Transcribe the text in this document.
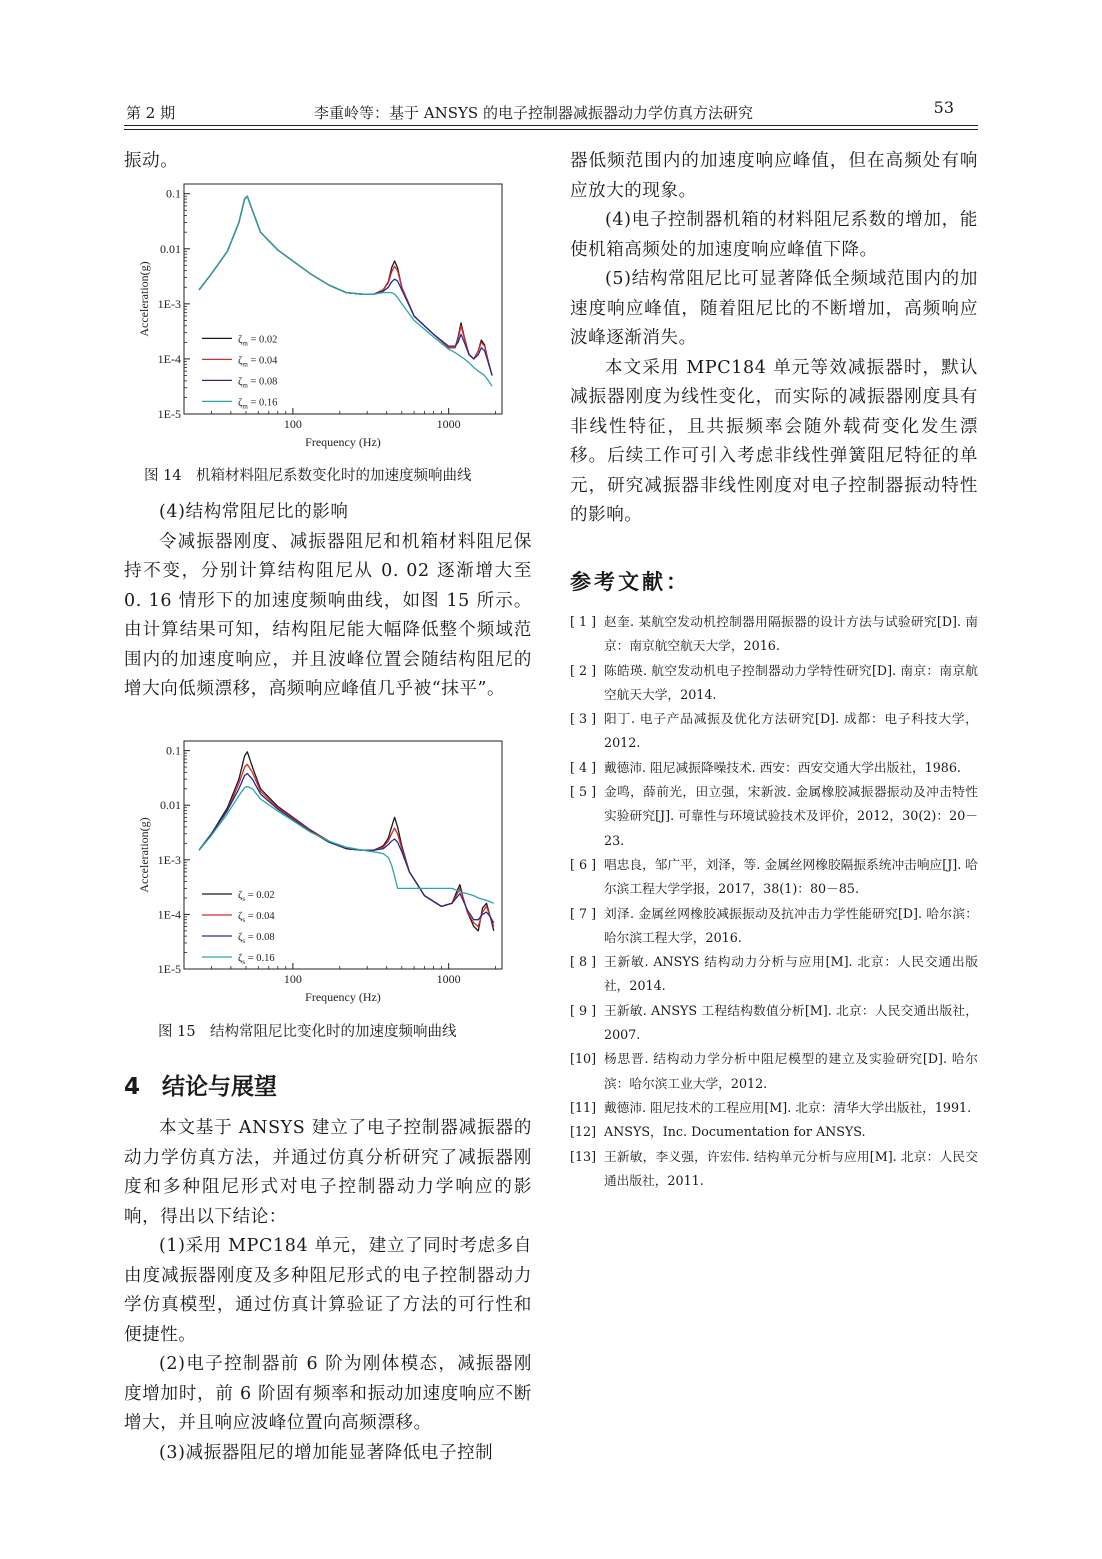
第 2 期	李重岭等：基于 ANSYS 的电子控制器减振器动力学仿真方法研究	53

振动。

100	1000
1E-5
1E-4
1E-3
0.01
0.1
Frequency (Hz)
Acceleration(g)
$\zeta_m = 0.02$
$\zeta_m = 0.04$
$\zeta_m = 0.08$
$\zeta_m = 0.16$
图 14　机箱材料阻尼系数变化时的加速度频响曲线

(4)结构常阻尼比的影响

令减振器刚度、减振器阻尼和机箱材料阻尼保持不变，分别计算结构阻尼从 0. 02 逐渐增大至 0. 16 情形下的加速度频响曲线，如图 15 所示。由计算结果可知，结构阻尼能大幅降低整个频域范围内的加速度响应，并且波峰位置会随结构阻尼的增大向低频漂移，高频响应峰值几乎被“抹平”。

100	1000
1E-5
1E-4
1E-3
0.01
0.1
Frequency (Hz)
Acceleration(g)
$\zeta_s = 0.02$
$\zeta_s = 0.04$
$\zeta_s = 0.08$
$\zeta_s = 0.16$
图 15　结构常阻尼比变化时的加速度频响曲线
4 结论与展望

本文基于 ANSYS 建立了电子控制器减振器的动力学仿真方法，并通过仿真分析研究了减振器刚度和多种阻尼形式对电子控制器动力学响应的影响，得出以下结论：

(1)采用 MPC184 单元，建立了同时考虑多自由度减振器刚度及多种阻尼形式的电子控制器动力学仿真模型，通过仿真计算验证了方法的可行性和便捷性。

(2)电子控制器前 6 阶为刚体模态，减振器刚度增加时，前 6 阶固有频率和振动加速度响应不断增大，并且响应波峰位置向高频漂移。

(3)减振器阻尼的增加能显著降低电子控制

器低频范围内的加速度响应峰值，但在高频处有响应放大的现象。

(4)电子控制器机箱的材料阻尼系数的增加，能使机箱高频处的加速度响应峰值下降。

(5)结构常阻尼比可显著降低全频域范围内的加速度响应峰值，随着阻尼比的不断增加，高频响应波峰逐渐消失。

本文采用 MPC184 单元等效减振器时，默认减振器刚度为线性变化，而实际的减振器刚度具有非线性特征，且共振频率会随外载荷变化发生漂移。后续工作可引入考虑非线性弹簧阻尼特征的单元，研究减振器非线性刚度对电子控制器振动特性的影响。

参考文献：
[ 1 ] 赵奎. 某航空发动机控制器用隔振器的设计方法与试验研究[D]. 南京：南京航空航天大学，2016.
[ 2 ] 陈皓瑛. 航空发动机电子控制器动力学特性研究[D]. 南京：南京航空航天大学，2014.
[ 3 ] 阳丁. 电子产品减振及优化方法研究[D]. 成都：电子科技大学，2012.
[ 4 ] 戴德沛. 阻尼减振降噪技术. 西安：西安交通大学出版社，1986.
[ 5 ] 金鸣，薛前光，田立强，宋新波. 金属橡胶减振器振动及冲击特性实验研究[J]. 可靠性与环境试验技术及评价，2012，30(2)：20－23.
[ 6 ] 唱忠良，邹广平，刘泽，等. 金属丝网橡胶隔振系统冲击响应[J]. 哈尔滨工程大学学报，2017，38(1)：80－85.
[ 7 ] 刘泽. 金属丝网橡胶减振振动及抗冲击力学性能研究[D]. 哈尔滨：哈尔滨工程大学，2016.
[ 8 ] 王新敏. ANSYS 结构动力分析与应用[M]. 北京：人民交通出版社，2014.
[ 9 ] 王新敏. ANSYS 工程结构数值分析[M]. 北京：人民交通出版社，2007.
[10] 杨思晋. 结构动力学分析中阻尼模型的建立及实验研究[D]. 哈尔滨：哈尔滨工业大学，2012.
[11] 戴德沛. 阻尼技术的工程应用[M]. 北京：清华大学出版社，1991.
[12] ANSYS，Inc. Documentation for ANSYS.
[13] 王新敏，李义强，许宏伟. 结构单元分析与应用[M]. 北京：人民交通出版社，2011.
